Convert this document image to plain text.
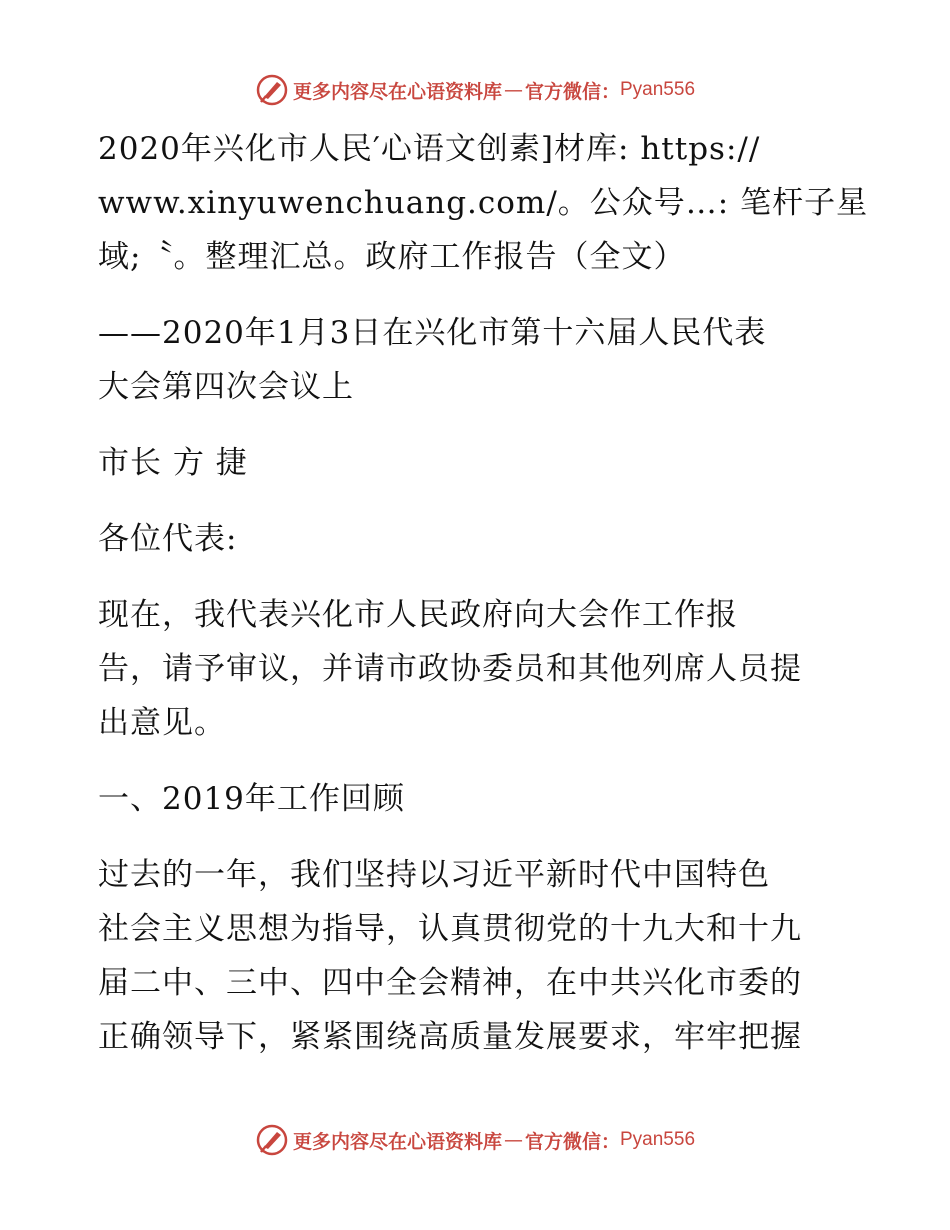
更多内容尽在心语资料库 — 官方微信： Pyan556
2020年兴化市人民′心语文创素]材库: https://
www.xinyuwenchuang.com/。公众号…: 笔杆子星
域;〝。整理汇总。政府工作报告（全文）
——2020年1月3日在兴化市第十六届人民代表
大会第四次会议上
市长 方 捷
各位代表:
现在，我代表兴化市人民政府向大会作工作报
告，请予审议，并请市政协委员和其他列席人员提
出意见。
一、2019年工作回顾
过去的一年，我们坚持以习近平新时代中国特色
社会主义思想为指导，认真贯彻党的十九大和十九
届二中、三中、四中全会精神，在中共兴化市委的
正确领导下，紧紧围绕高质量发展要求，牢牢把握
更多内容尽在心语资料库 — 官方微信： Pyan556
